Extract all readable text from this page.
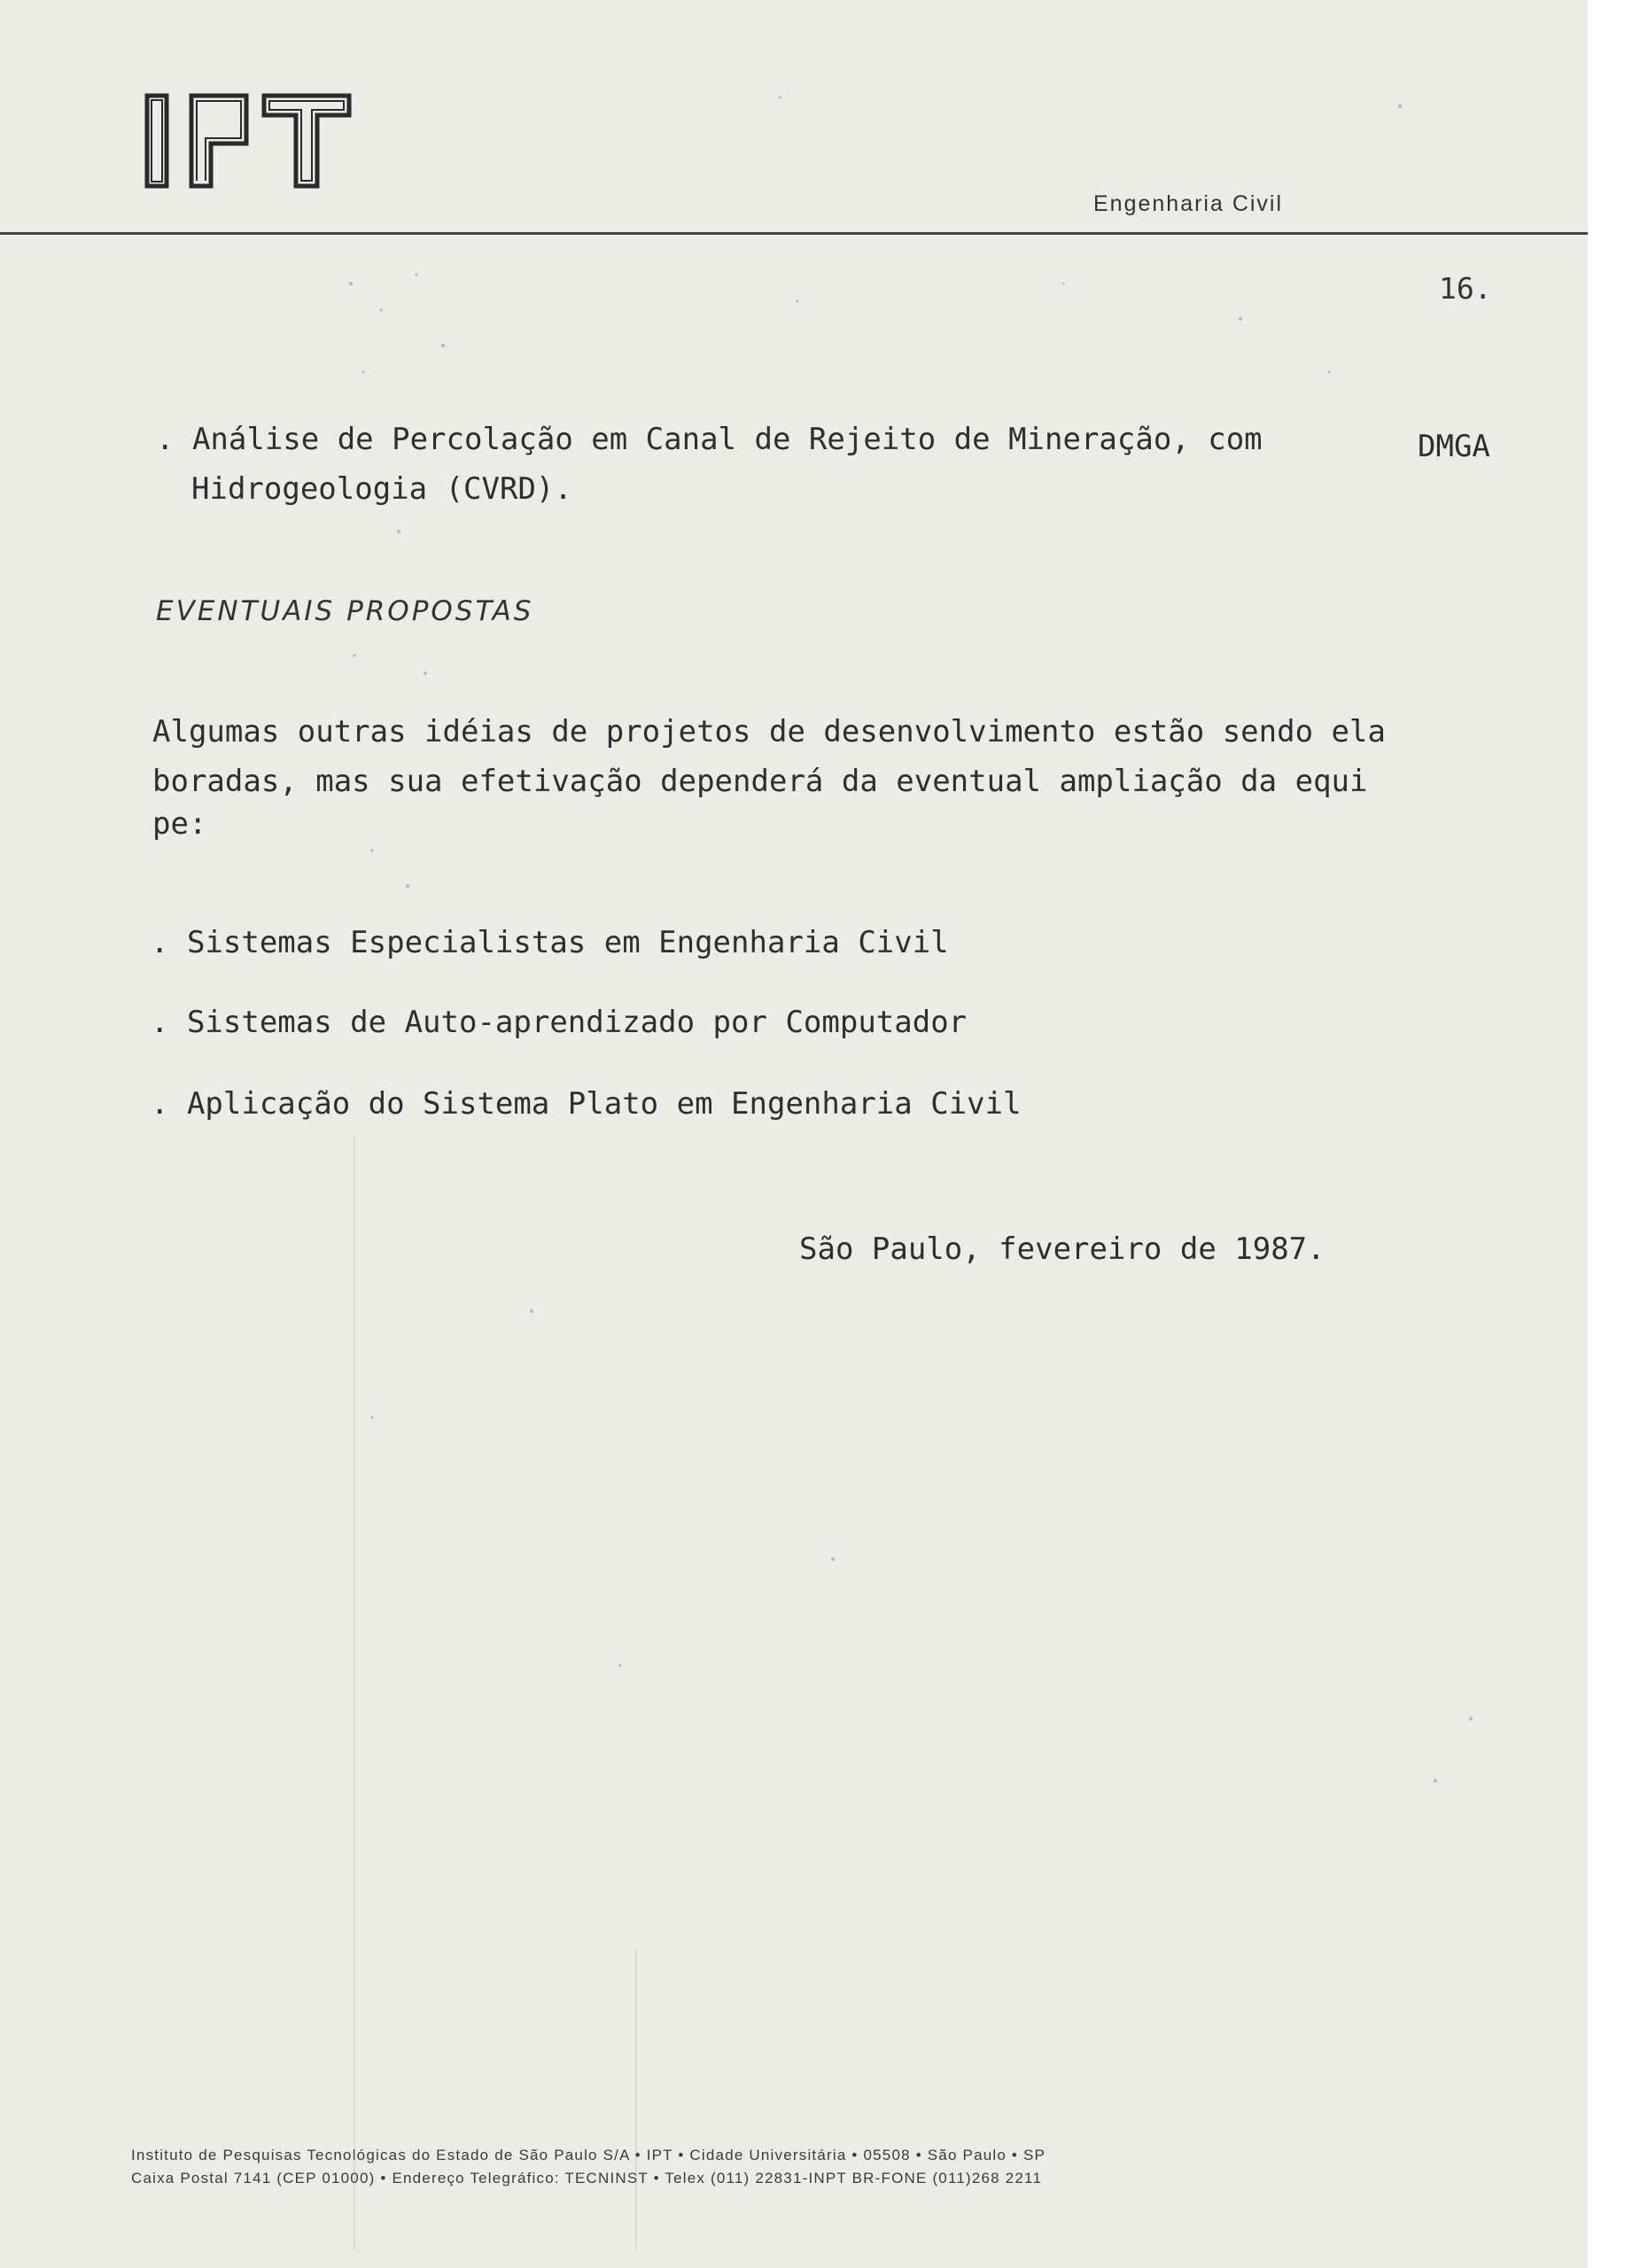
Engenharia Civil
16.
. Análise de Percolação em Canal de Rejeito de Mineração, com	DMGA
Hidrogeologia (CVRD).
EVENTUAIS PROPOSTAS
Algumas outras idéias de projetos de desenvolvimento estão sendo ela
boradas, mas sua efetivação dependerá da eventual ampliação da equi
pe:
. Sistemas Especialistas em Engenharia Civil
. Sistemas de Auto-aprendizado por Computador
. Aplicação do Sistema Plato em Engenharia Civil
São Paulo, fevereiro de 1987.
Instituto de Pesquisas Tecnológicas do Estado de São Paulo S/A • IPT • Cidade Universitária • 05508 • São Paulo • SP
Caixa Postal 7141 (CEP 01000) • Endereço Telegráfico: TECNINST • Telex (011) 22831-INPT BR-FONE (011)268 2211
